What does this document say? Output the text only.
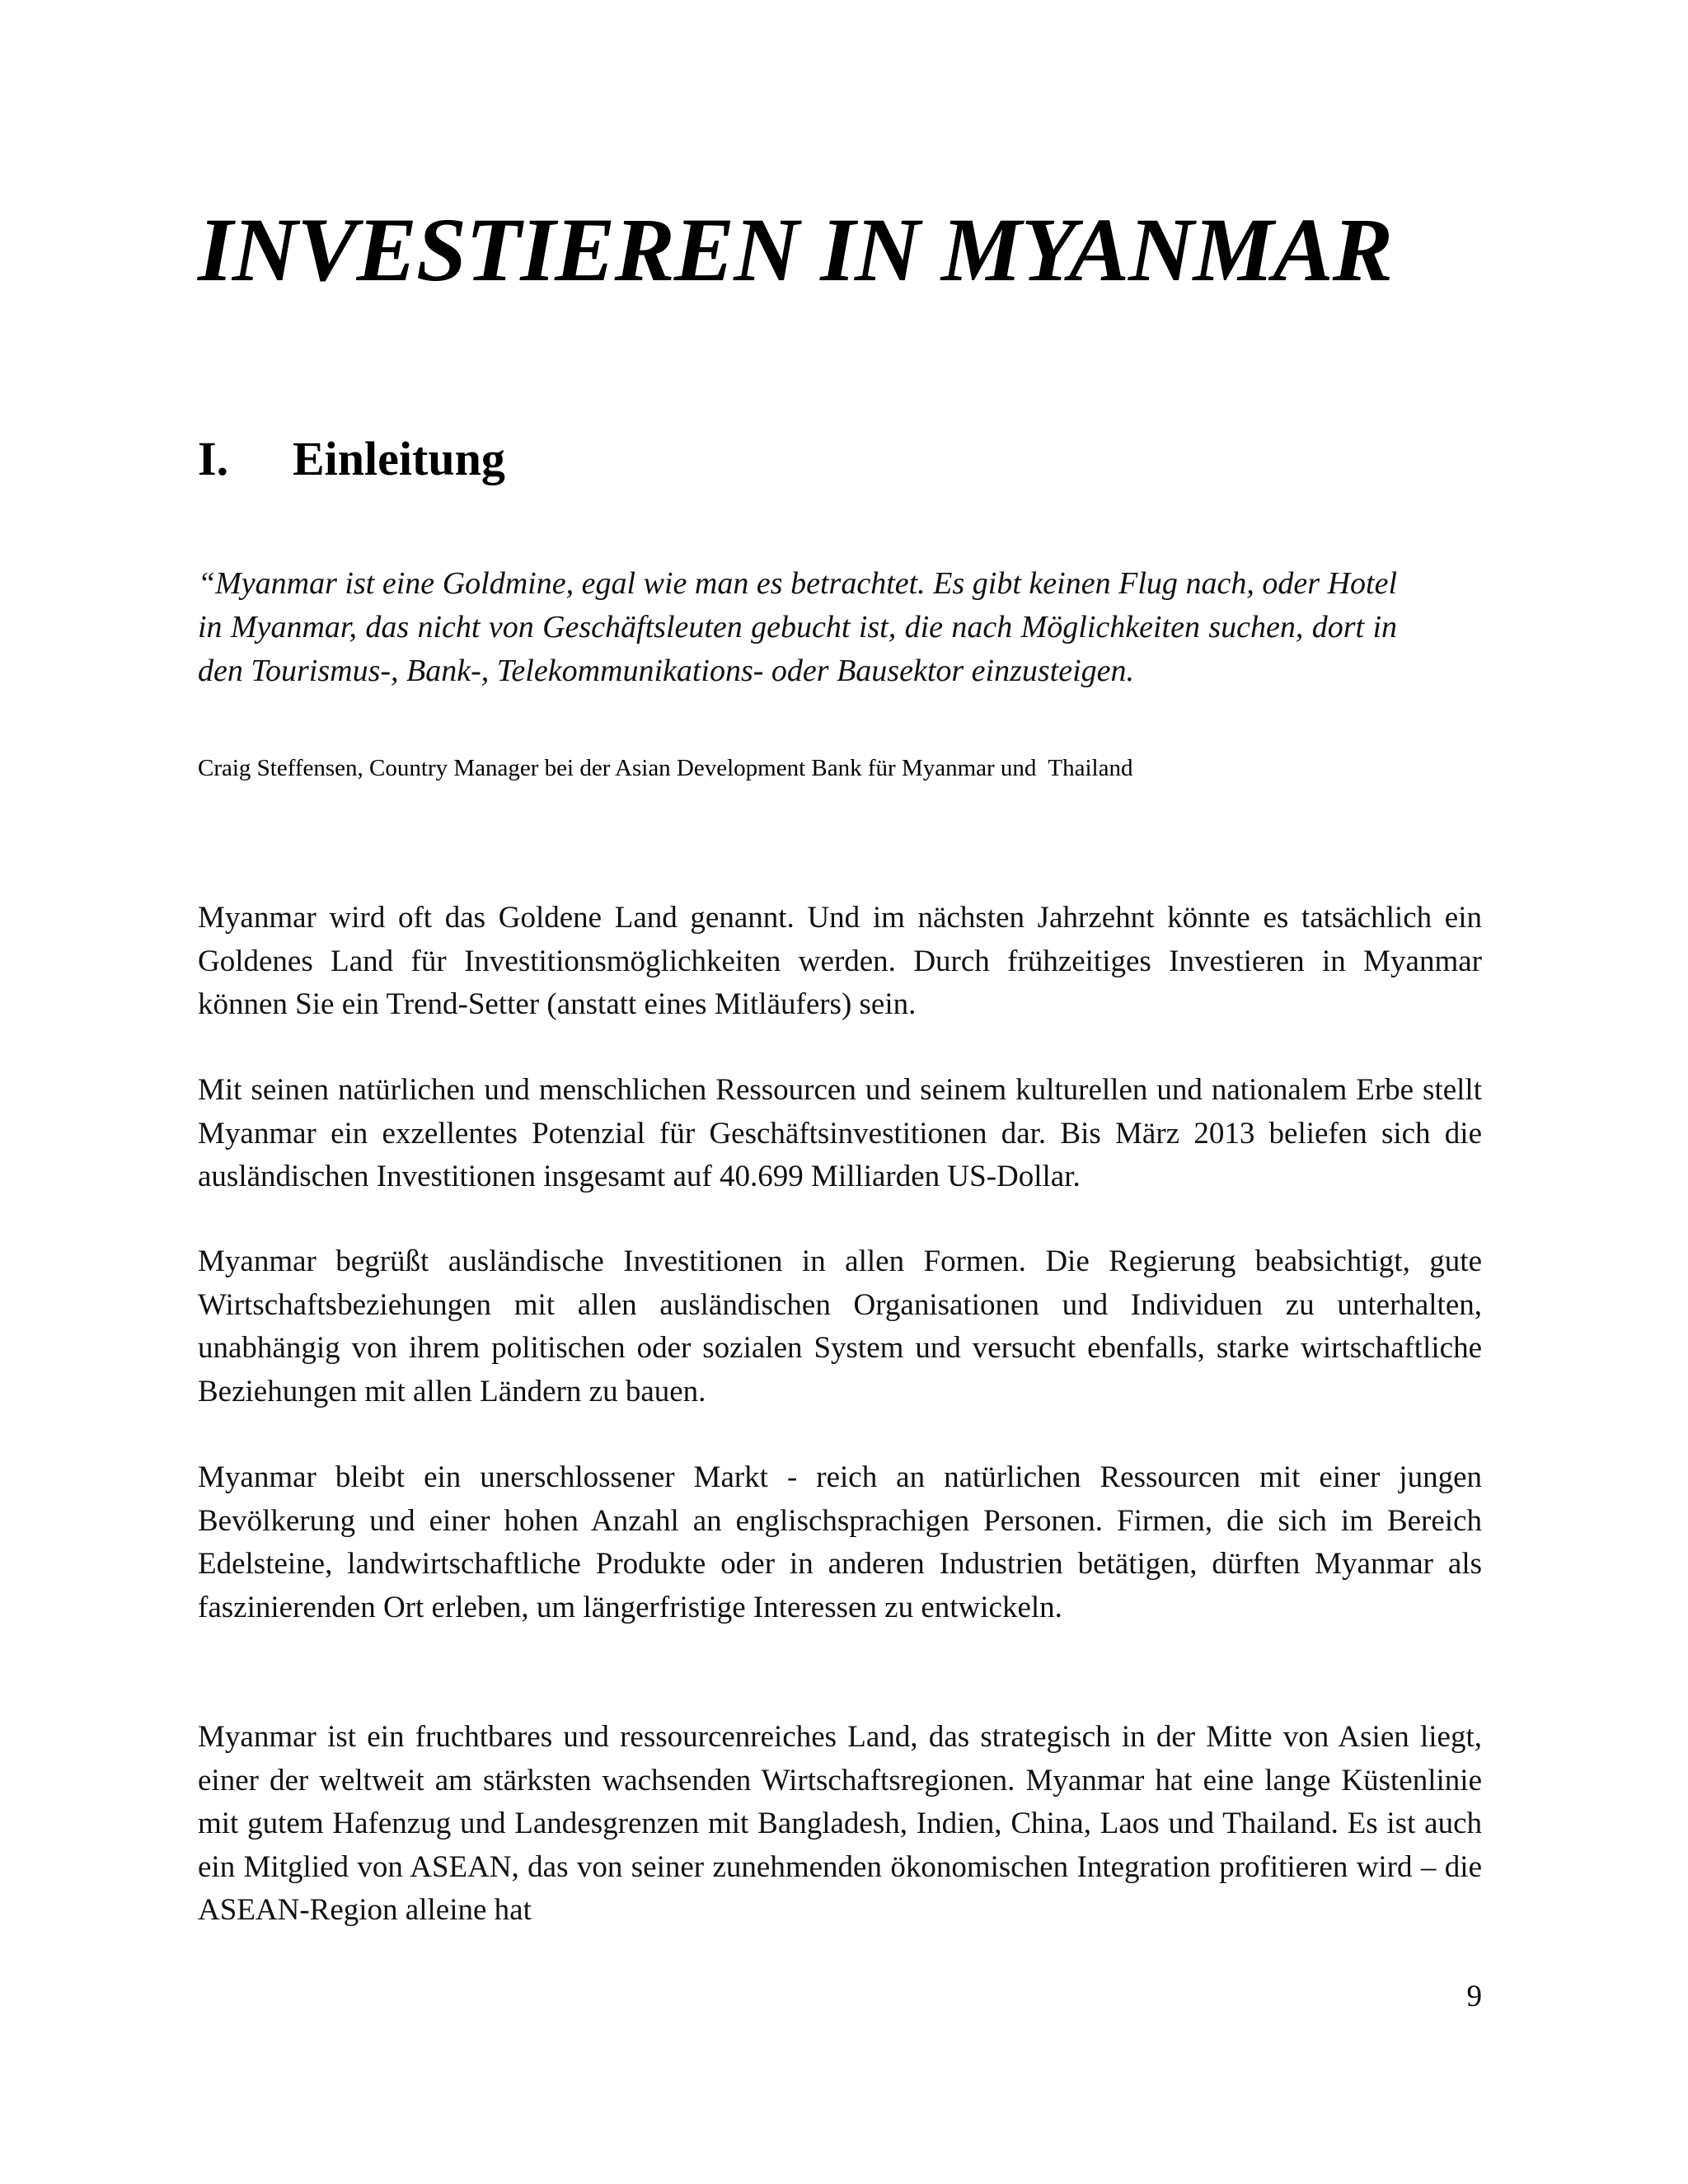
INVESTIEREN IN MYANMAR
I. Einleitung

“Myanmar ist eine Goldmine, egal wie man es betrachtet. Es gibt keinen Flug nach, oder Hotel in Myanmar, das nicht von Geschäftsleuten gebucht ist, die nach Möglichkeiten suchen, dort in den Tourismus-, Bank-, Telekommunikations- oder Bausektor einzusteigen.

Craig Steffensen, Country Manager bei der Asian Development Bank für Myanmar und  Thailand

Myanmar wird oft das Goldene Land genannt. Und im nächsten Jahrzehnt könnte es tatsächlich ein Goldenes Land für Investitionsmöglichkeiten werden. Durch frühzeitiges Investieren in Myanmar können Sie ein Trend-Setter (anstatt eines Mitläufers) sein.

Mit seinen natürlichen und menschlichen Ressourcen und seinem kulturellen und nationalem Erbe stellt Myanmar ein exzellentes Potenzial für Geschäftsinvestitionen dar. Bis März 2013 beliefen sich die ausländischen Investitionen insgesamt auf 40.699 Milliarden US-Dollar.

Myanmar begrüßt ausländische Investitionen in allen Formen. Die Regierung beabsichtigt, gute Wirtschaftsbeziehungen mit allen ausländischen Organisationen und Individuen zu unterhalten, unabhängig von ihrem politischen oder sozialen System und versucht ebenfalls, starke wirtschaftliche Beziehungen mit allen Ländern zu bauen.

Myanmar bleibt ein unerschlossener Markt - reich an natürlichen Ressourcen mit einer jungen Bevölkerung und einer hohen Anzahl an englischsprachigen Personen. Firmen, die sich im Bereich Edelsteine, landwirtschaftliche Produkte oder in anderen Industrien betätigen, dürften Myanmar als faszinierenden Ort erleben, um längerfristige Interessen zu entwickeln.

Myanmar ist ein fruchtbares und ressourcenreiches Land, das strategisch in der Mitte von Asien liegt, einer der weltweit am stärksten wachsenden Wirtschaftsregionen. Myanmar hat eine lange Küstenlinie mit gutem Hafenzug und Landesgrenzen mit Bangladesh, Indien, China, Laos und Thailand. Es ist auch ein Mitglied von ASEAN, das von seiner zunehmenden ökonomischen Integration profitieren wird – die ASEAN-Region alleine hat

9
